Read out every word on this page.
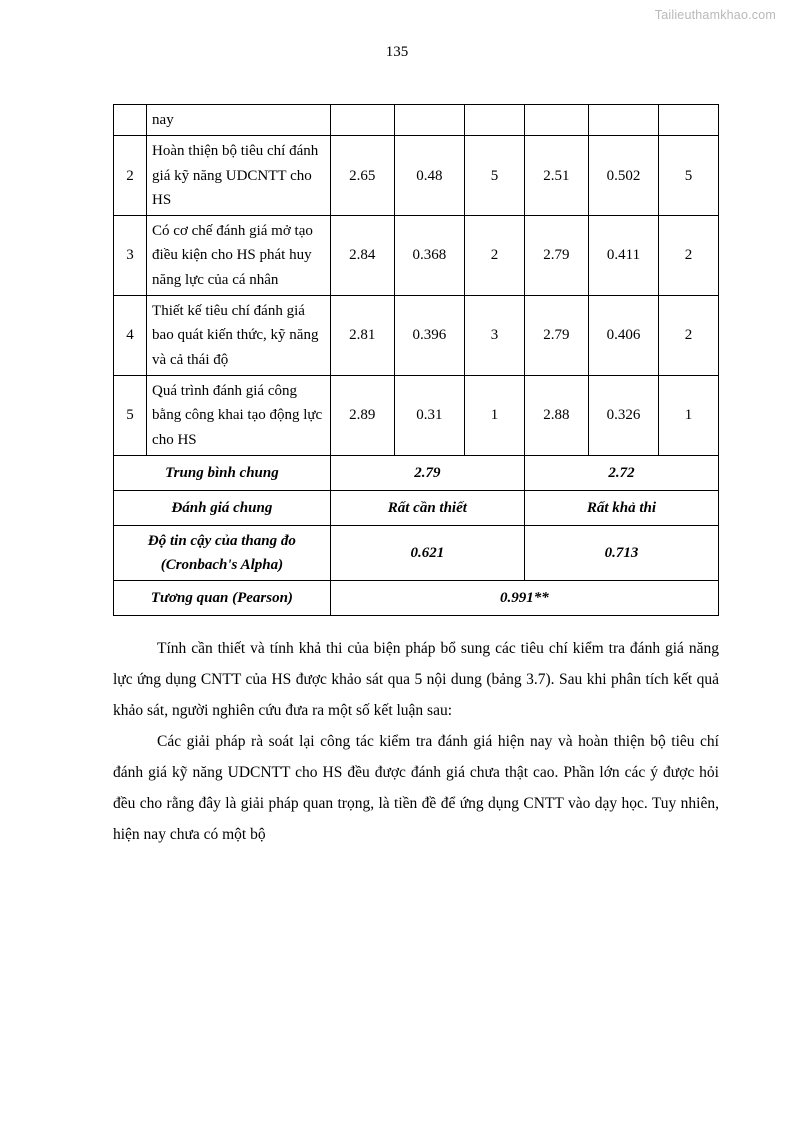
Tailieuthamkhao.com
135
	nay						
2	Hoàn thiện bộ tiêu chí đánh giá kỹ năng UDCNTT cho HS	2.65	0.48	5	2.51	0.502	5
3	Có cơ chế đánh giá mở tạo điều kiện cho HS phát huy năng lực của cá nhân	2.84	0.368	2	2.79	0.411	2
4	Thiết kế tiêu chí đánh giá bao quát kiến thức, kỹ năng và cả thái độ	2.81	0.396	3	2.79	0.406	2
5	Quá trình đánh giá công bằng công khai tạo động lực cho HS	2.89	0.31	1	2.88	0.326	1
Trung bình chung		2.79			2.72		
Đánh giá chung		Rất cần thiết			Rất khả thi		
Độ tin cậy của thang đo (Cronbach's Alpha)		0.621			0.713		
Tương quan (Pearson)		0.991**					

Tính cần thiết và tính khả thi của biện pháp bổ sung các tiêu chí kiểm tra đánh giá năng lực ứng dụng CNTT của HS được khảo sát qua 5 nội dung (bảng 3.7). Sau khi phân tích kết quả khảo sát, người nghiên cứu đưa ra một số kết luận sau:

Các giải pháp rà soát lại công tác kiểm tra đánh giá hiện nay và hoàn thiện bộ tiêu chí đánh giá kỹ năng UDCNTT cho HS đều được đánh giá chưa thật cao. Phần lớn các ý được hỏi đều cho rằng đây là giải pháp quan trọng, là tiền đề để ứng dụng CNTT vào dạy học. Tuy nhiên, hiện nay chưa có một bộ
